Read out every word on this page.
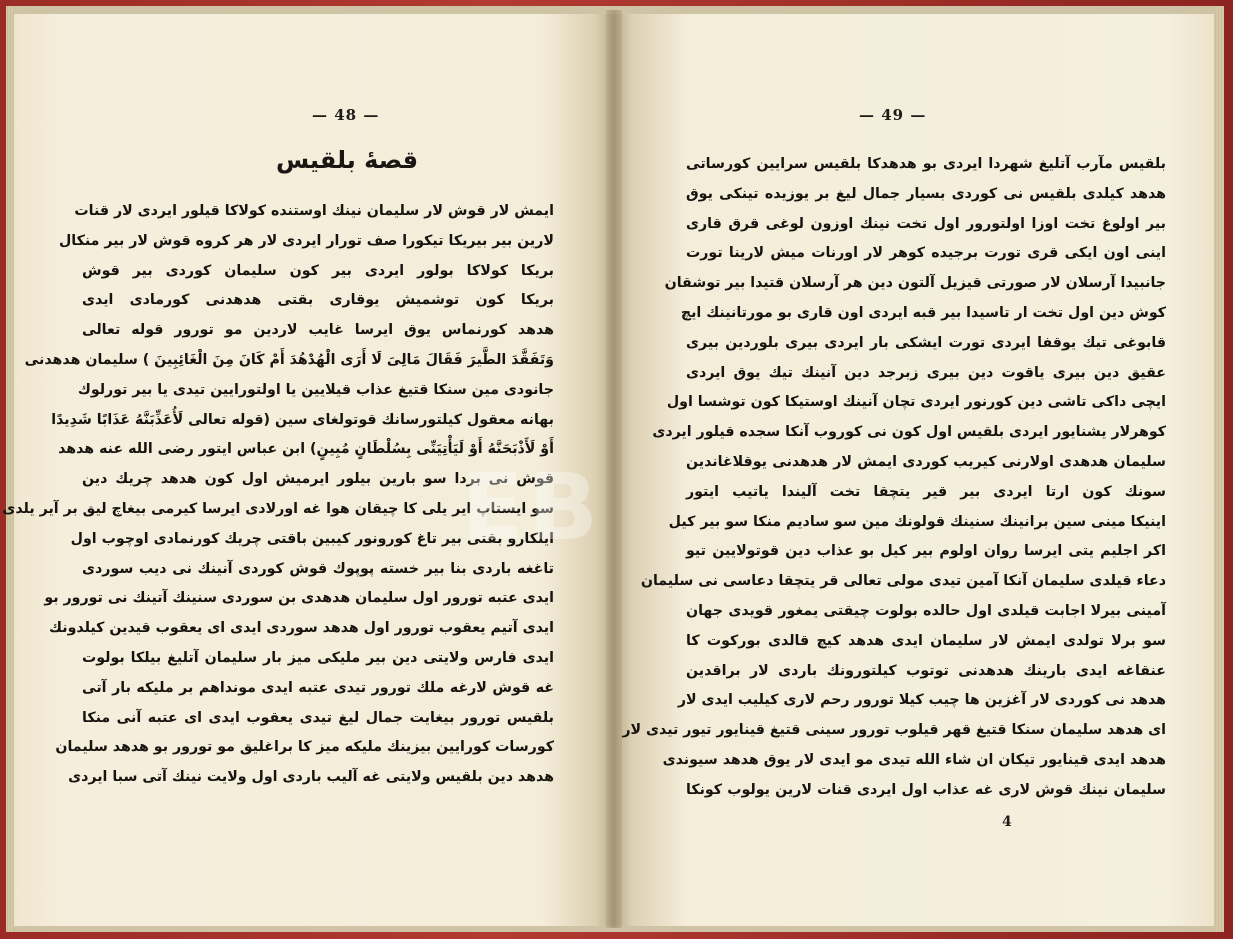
— 48 —
قصهٔ بلقیس
ایمش لار قوش لار سلیمان نینك اوستنده کولاکا قیلور ایردی لار قنات
لارین بیر بیریکا تیکورا صف تورار ایردی لار هر کروه قوش لار بیر منکال
بریکا کولاکا بولور ایردی بیر کون سلیمان کوردی بیر قوش
بریکا کون توشمیش یوقاری بقتی هدهدنی کورمادی ایدی
هدهد کورنماس یوق ایرسا غایب لاردین مو تورور قوله تعالی
وَتَفَقَّدَ الطَّیرَ فَقَالَ مَالِیَ لَا أَرَی الْهُدْهُدَ أَمْ کَانَ مِنَ الْغَائِبِینَ ) سلیمان هدهدنی
جانودی مین سنکا قتیغ عذاب قیلایین یا اولتورایین تیدی یا بیر تورلوك
بهانه معقول کیلتورسانك قوتولغای سین (قوله تعالی لَأُعَذِّبَنَّهُ عَذَابًا شَدِیدًا
أَوْ لَأَذْبَحَنَّهُ أَوْ لَیَأْتِیَنِّی بِسُلْطَانٍ مُبِینٍ) ابن عباس ایتور رضی الله عنه هدهد
قوش نی بردا سو بارین بیلور ایرمیش اول کون هدهد چریك دین
سو ایستاپ ایر یلی کا چیقان هوا غه اورلادی ایرسا کیرمی بیغاچ لیق بر آیر یلدی
ایلکارو بقتی بیر تاغ کورونور کیبین باقتی چریك کورنمادی اوچوب اول
تاغغه باردی بنا بیر خسته پوپوك قوش کوردی آنینك نی دیب سوردی
ایدی عتبه تورور اول سلیمان هدهدی بن سوردی سنینك آتینك نی تورور بو
ایدی آتیم یعقوب تورور اول هدهد سوردی ایدی ای یعقوب قیدین کیلدونك
ایدی فارس ولایتی دین بیر ملیکی میز بار سلیمان آتلیغ بیلکا بولوت
غه قوش لارغه ملك تورور تیدی عتبه ایدی مونداهم بر ملیکه بار آتی
بلقیس تورور بیغایت جمال لیغ تیدی یعقوب ایدی ای عتبه آنی منکا
کورسات کورایین بیزینك ملیکه میز کا براغلیق مو تورور بو هدهد سلیمان
هدهد دین بلقیس ولایتی غه آلیب باردی اول ولایت نینك آتی سبا ایردی
— 49 —
بلقیس مآرب آتلیغ شهردا ایردی بو هدهدکا بلقیس سرایین کورساتی
هدهد کیلدی بلقیس نی کوردی بسیار جمال لیغ بر یوزیده تینکی یوق
بیر اولوغ تخت اوزا اولتورور اول تخت نینك اوزون لوغی قرق قاری
اینی اون ایکی قری تورت برجیده کوهر لار اورنات میش لارینا تورت
جانبیدا آرسلان لار صورتی قیزیل آلتون دین هر آرسلان قتیدا بیر توشقان
کوش دین اول تخت ار تاسیدا بیر قبه ایردی اون قاری بو مورتانینك ایچ
قابوغی تیك یوقفا ایردی تورت ایشکی بار ایردی بیری بلوردین بیری
عقیق دین بیری یاقوت دین بیری زبرجد دین آنینك تیك یوق ایردی
ایچی داکی تاشی دین کورنور ایردی تچان آنینك اوستیکا کون توشسا اول
کوهرلار یشنایور ایردی بلقیس اول کون نی کوروب آنکا سجده قیلور ایردی
سلیمان هدهدی اولارنی کیریب کوردی ایمش لار هدهدنی یوقلاغاندین
سونك کون ارتا ایردی بیر قیر یتچقا تخت آلیندا یاتیب ایتور
اینیکا مینی سین برانینك سنینك قولونك مین سو سادیم منکا سو بیر کیل
اکر اجلیم یتی ایرسا روان اولوم بیر کیل بو عذاب دین قوتولایین تیو
دعاء قیلدی سلیمان آنکا آمین تیدی مولی تعالی قر یتچقا دعاسی نی سلیمان
آمینی بیرلا اجابت قیلدی اول حالده بولوت چیقتی یمغور قویدی جهان
سو برلا تولدی ایمش لار سلیمان ایدی هدهد کیچ قالدی بورکوت کا
عنقاغه ایدی بارینك هدهدنی توتوب کیلتورونك باردی لار براقدین
هدهد نی کوردی لار آغزین ها چیب کیلا تورور رحم لاری کیلیب ایدی لار
ای هدهد سلیمان سنکا قتیغ قهر قیلوب تورور سینی قتیغ قینایور تیور تیدی لار
هدهد ایدی قینایور تیکان ان شاء الله تیدی مو ایدی لار یوق هدهد سیوندی
سلیمان نینك قوش لاری غه عذاب اول ایردی قنات لارین یولوب کونکا
4
EB
